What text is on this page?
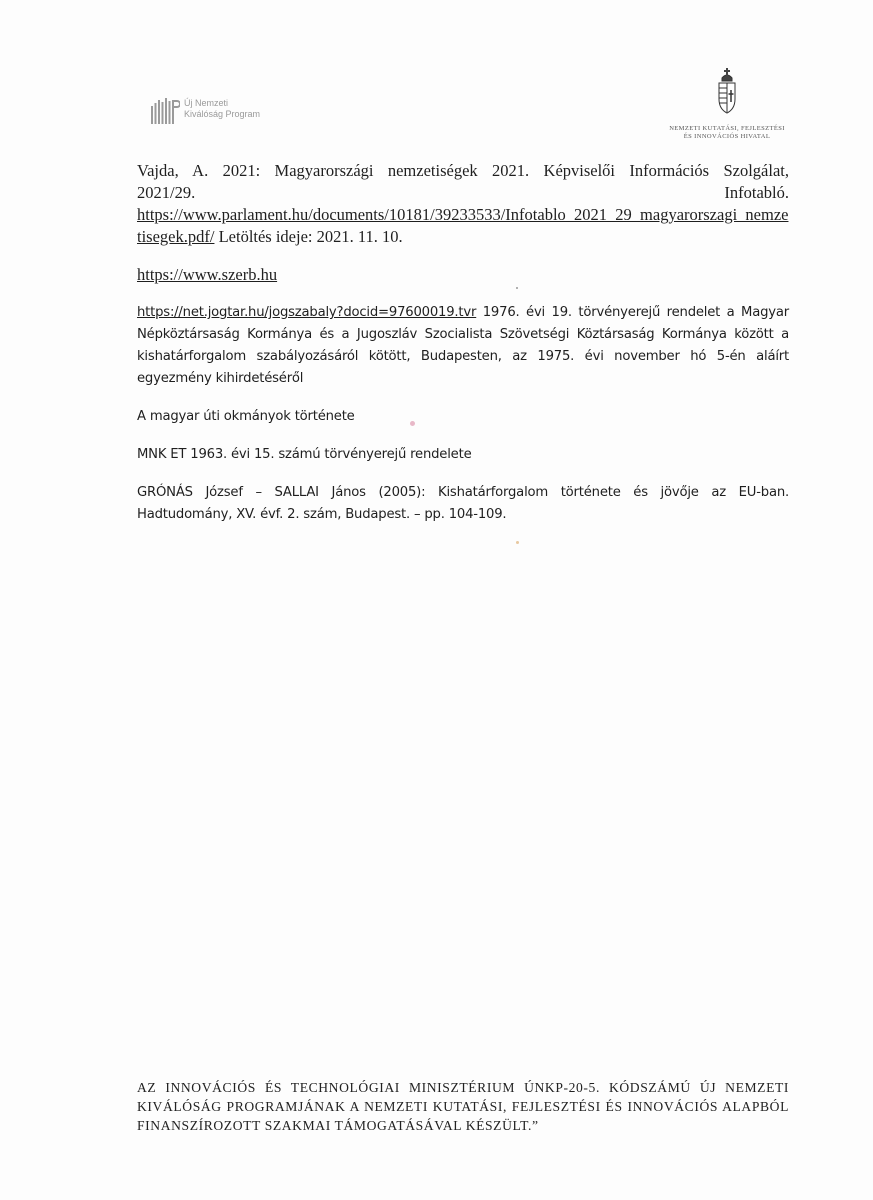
Új Nemzeti
Kiválóság Program
NEMZETI KUTATÁSI, FEJLESZTÉSI
ÉS INNOVÁCIÓS HIVATAL
Vajda, A. 2021: Magyarországi nemzetiségek 2021. Képviselői Információs Szolgálat,
2021/29.	Infotabló.
https://www.parlament.hu/documents/10181/39233533/Infotablo_2021_29_magyarorszagi_nemzetisegek.pdf/ Letöltés ideje: 2021. 11. 10.
https://www.szerb.hu
https://net.jogtar.hu/jogszabaly?docid=97600019.tvr 1976. évi 19. törvényerejű rendelet a Magyar Népköztársaság Kormánya és a Jugoszláv Szocialista Szövetségi Köztársaság Kormánya között a kishatárforgalom szabályozásáról kötött, Budapesten, az 1975. évi november hó 5-én aláírt egyezmény kihirdetéséről
A magyar úti okmányok története
MNK ET 1963. évi 15. számú törvényerejű rendelete
GRÓNÁS József – SALLAI János (2005): Kishatárforgalom története és jövője az EU-ban. Hadtudomány, XV. évf. 2. szám, Budapest. – pp. 104-109.
AZ INNOVÁCIÓS ÉS TECHNOLÓGIAI MINISZTÉRIUM ÚNKP-20-5. KÓDSZÁMÚ ÚJ NEMZETI KIVÁLÓSÁG PROGRAMJÁNAK A NEMZETI KUTATÁSI, FEJLESZTÉSI ÉS INNOVÁCIÓS ALAPBÓL FINANSZÍROZOTT SZAKMAI TÁMOGATÁSÁVAL KÉSZÜLT.”
